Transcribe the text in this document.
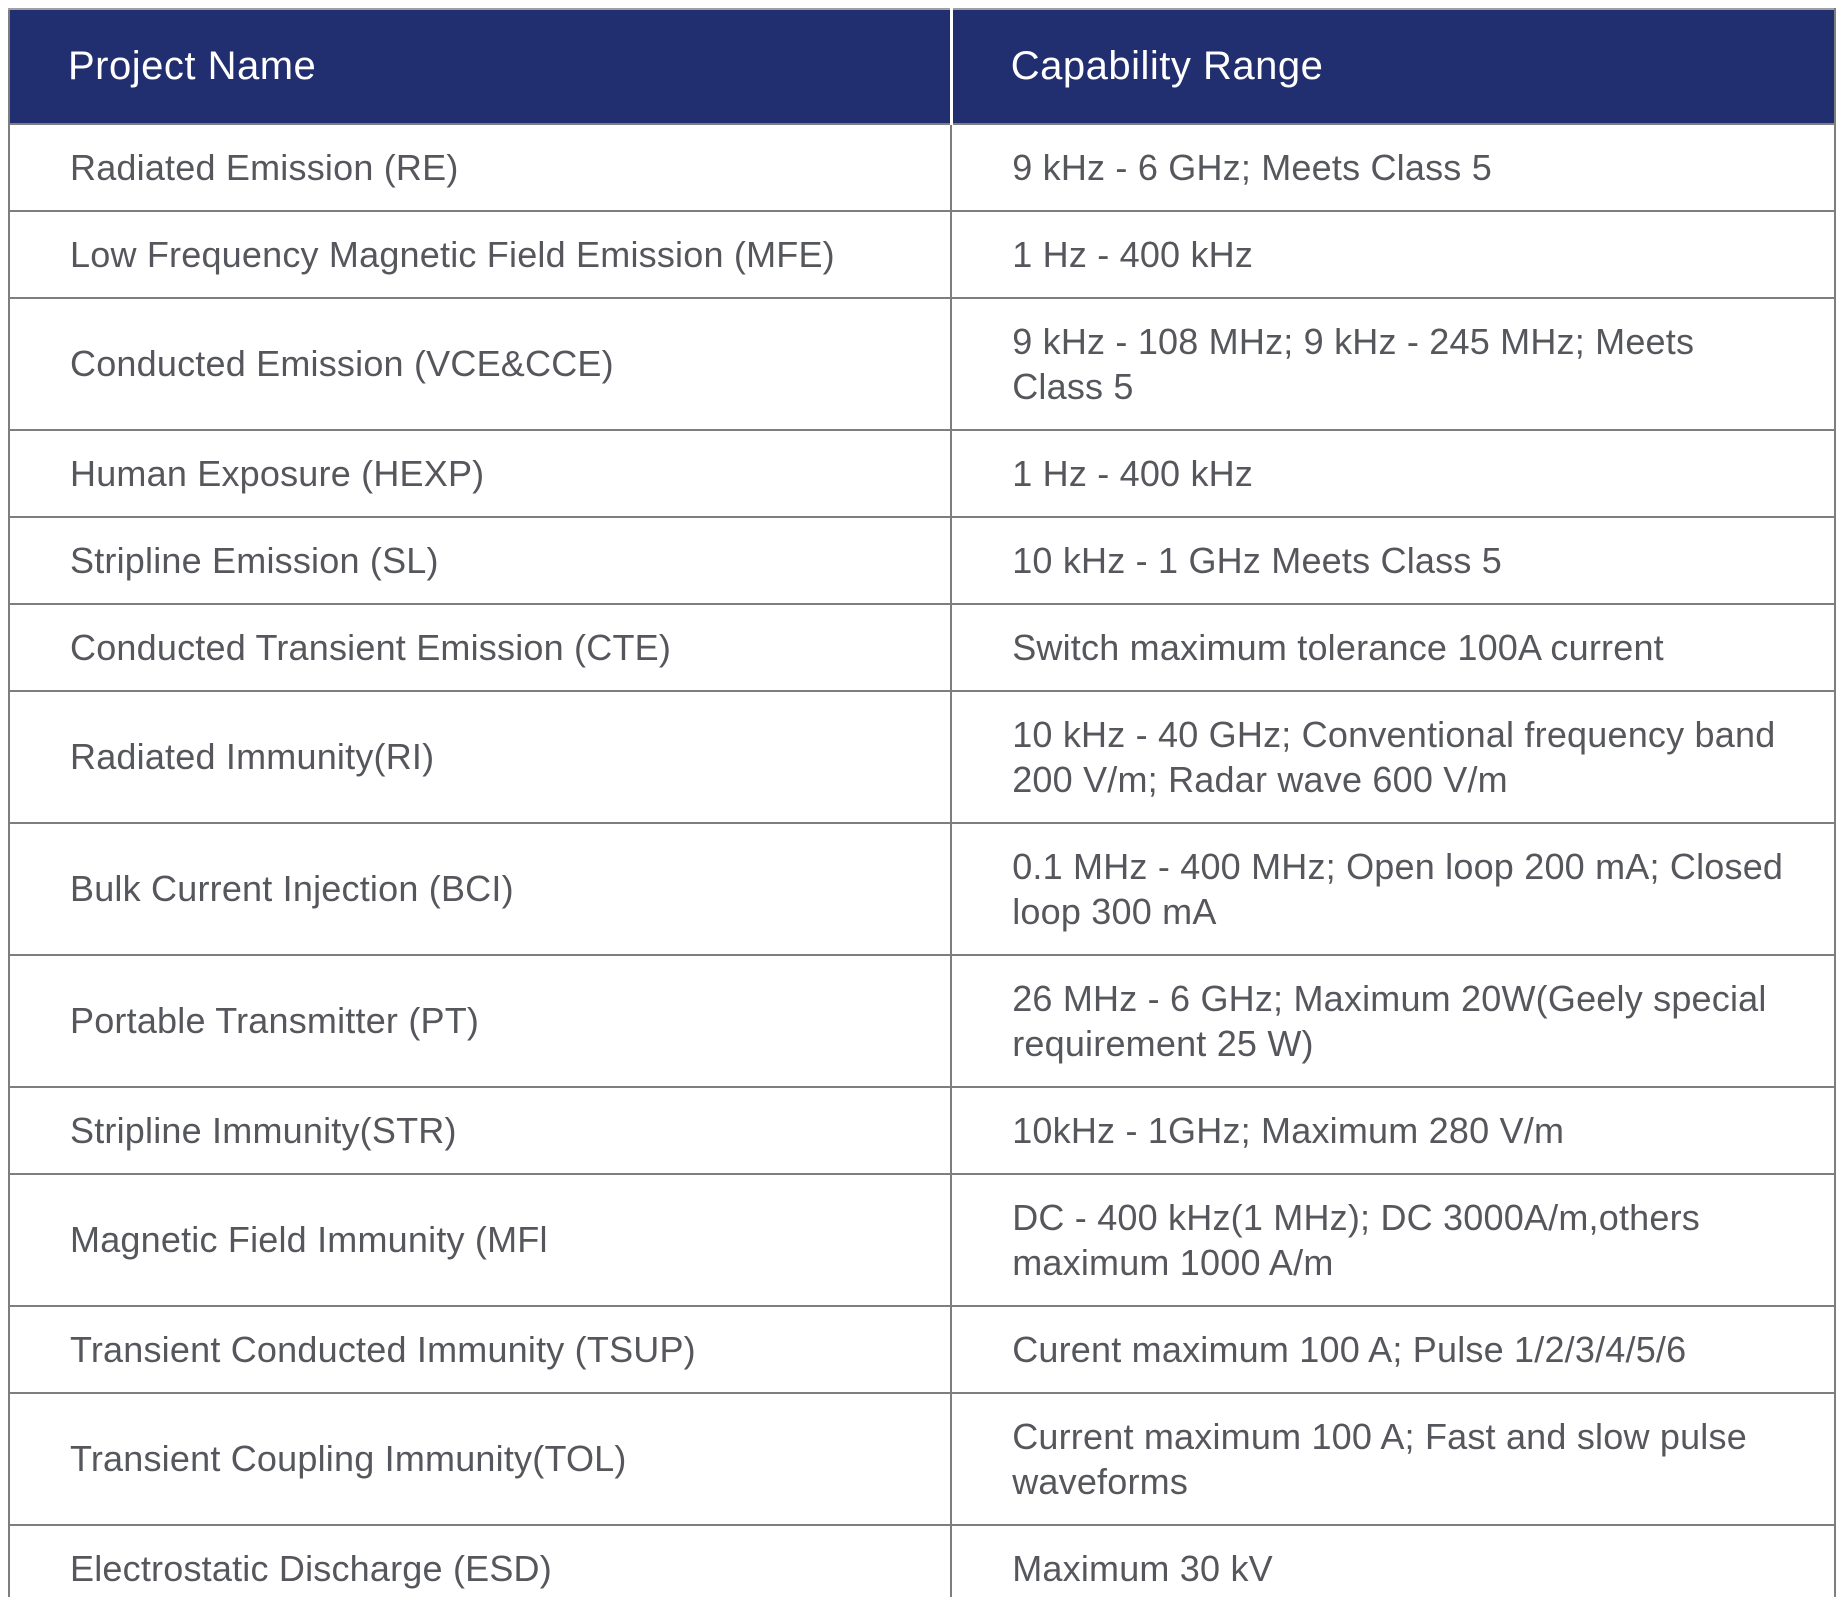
Project Name	Capability Range
Radiated Emission (RE)	9 kHz - 6 GHz; Meets Class 5
Low Frequency Magnetic Field Emission (MFE)	1 Hz - 400 kHz
Conducted Emission (VCE&CCE)	9 kHz - 108 MHz; 9 kHz - 245 MHz; Meets Class 5
Human Exposure (HEXP)	1 Hz - 400 kHz
Stripline Emission (SL)	10 kHz - 1 GHz Meets Class 5
Conducted Transient Emission (CTE)	Switch maximum tolerance 100A current
Radiated Immunity(RI)	10 kHz - 40 GHz; Conventional frequency band 200 V/m; Radar wave 600 V/m
Bulk Current Injection (BCI)	0.1 MHz - 400 MHz; Open loop 200 mA; Closed loop 300 mA
Portable Transmitter (PT)	26 MHz - 6 GHz; Maximum 20W(Geely special requirement 25 W)
Stripline Immunity(STR)	10kHz - 1GHz; Maximum 280 V/m
Magnetic Field Immunity (MFl	DC - 400 kHz(1 MHz); DC 3000A/m,others maximum 1000 A/m
Transient Conducted Immunity (TSUP)	Curent maximum 100 A; Pulse 1/2/3/4/5/6
Transient Coupling Immunity(TOL)	Current maximum 100 A; Fast and slow pulse waveforms
Electrostatic Discharge (ESD)	Maximum 30 kV
